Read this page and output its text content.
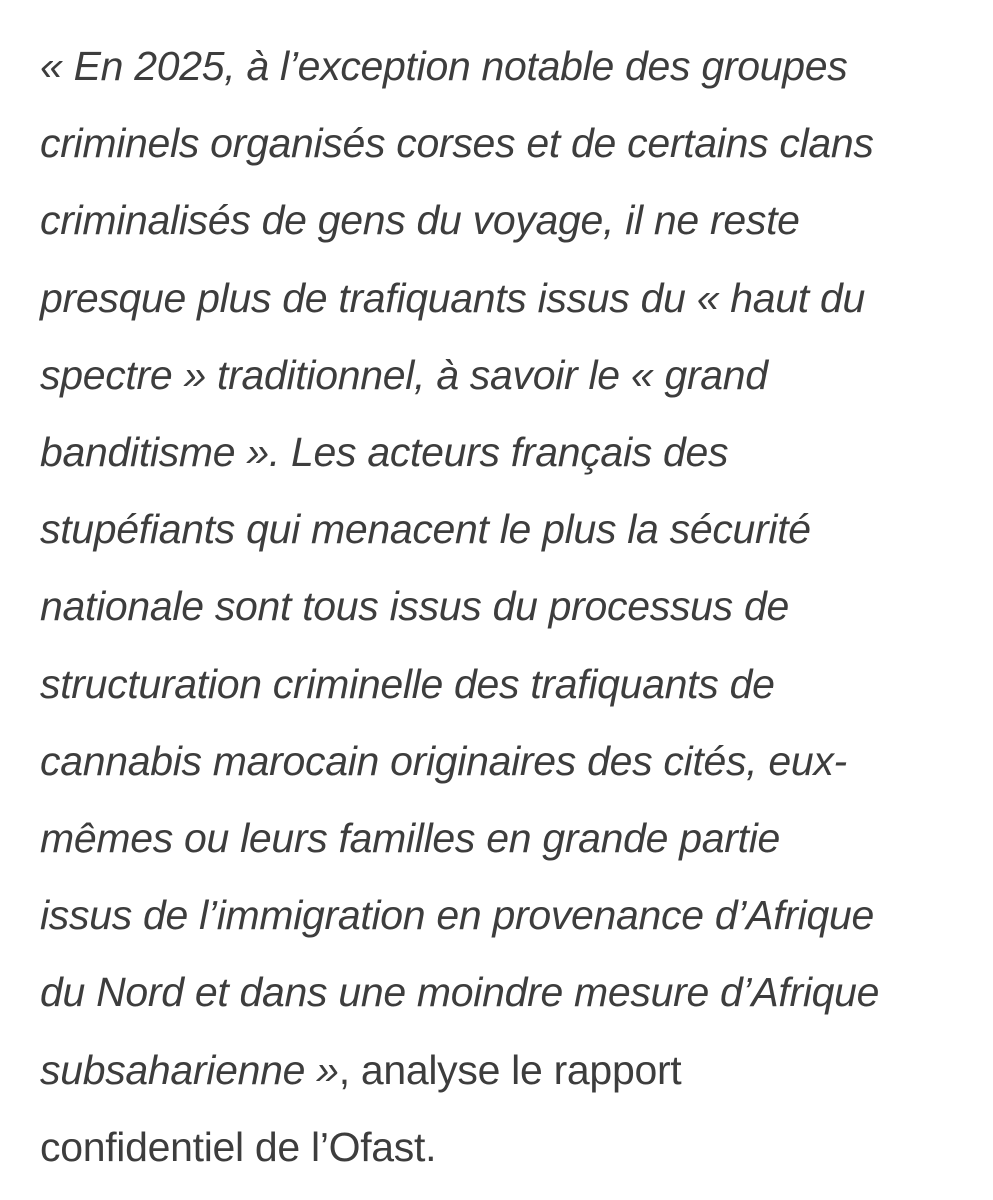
« En 2025, à l’exception notable des groupes
criminels organisés corses et de certains clans
criminalisés de gens du voyage, il ne reste
presque plus de trafiquants issus du « haut du
spectre » traditionnel, à savoir le « grand
banditisme ». Les acteurs français des
stupéfiants qui menacent le plus la sécurité
nationale sont tous issus du processus de
structuration criminelle des trafiquants de
cannabis marocain originaires des cités, eux-
mêmes ou leurs familles en grande partie
issus de l’immigration en provenance d’Afrique
du Nord et dans une moindre mesure d’Afrique
subsaharienne », analyse le rapport
confidentiel de l’Ofast.
